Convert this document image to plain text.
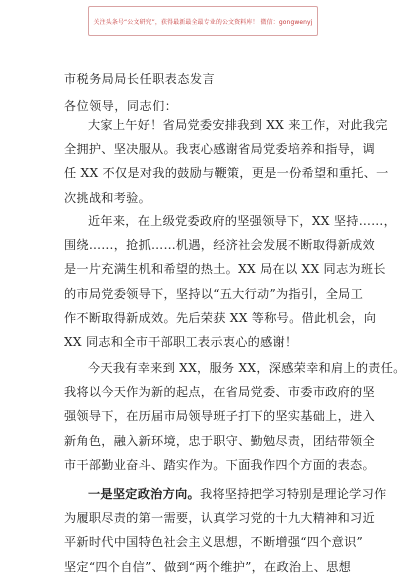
关注头条号“公文研究”，获得最新最全最专业的公文资料库！ 微信：gongwenyj
市税务局局长任职表态发言
各位领导，同志们：
大家上午好！省局党委安排我到 XX 来工作，对此我完
全拥护、坚决服从。我衷心感谢省局党委培养和指导，调
任 XX 不仅是对我的鼓励与鞭策，更是一份希望和重托、一
次挑战和考验。
近年来，在上级党委政府的坚强领导下，XX 坚持……，
围绕……，抢抓……机遇，经济社会发展不断取得新成效
是一片充满生机和希望的热土。XX 局在以 XX 同志为班长
的市局党委领导下，坚持以“五大行动”为指引，全局工
作不断取得新成效。先后荣获 XX 等称号。借此机会，向
XX 同志和全市干部职工表示衷心的感谢！
今天我有幸来到 XX，服务 XX，深感荣幸和肩上的责任。
我将以今天作为新的起点，在省局党委、市委市政府的坚
强领导下，在历届市局领导班子打下的坚实基础上，进入
新角色，融入新环境，忠于职守、勤勉尽责，团结带领全
市干部勤业奋斗、踏实作为。下面我作四个方面的表态。
一是坚定政治方向。我将坚持把学习特别是理论学习作
为履职尽责的第一需要，认真学习党的十九大精神和习近
平新时代中国特色社会主义思想，不断增强“四个意识”
坚定“四个自信”、做到“两个维护”，在政治上、思想
